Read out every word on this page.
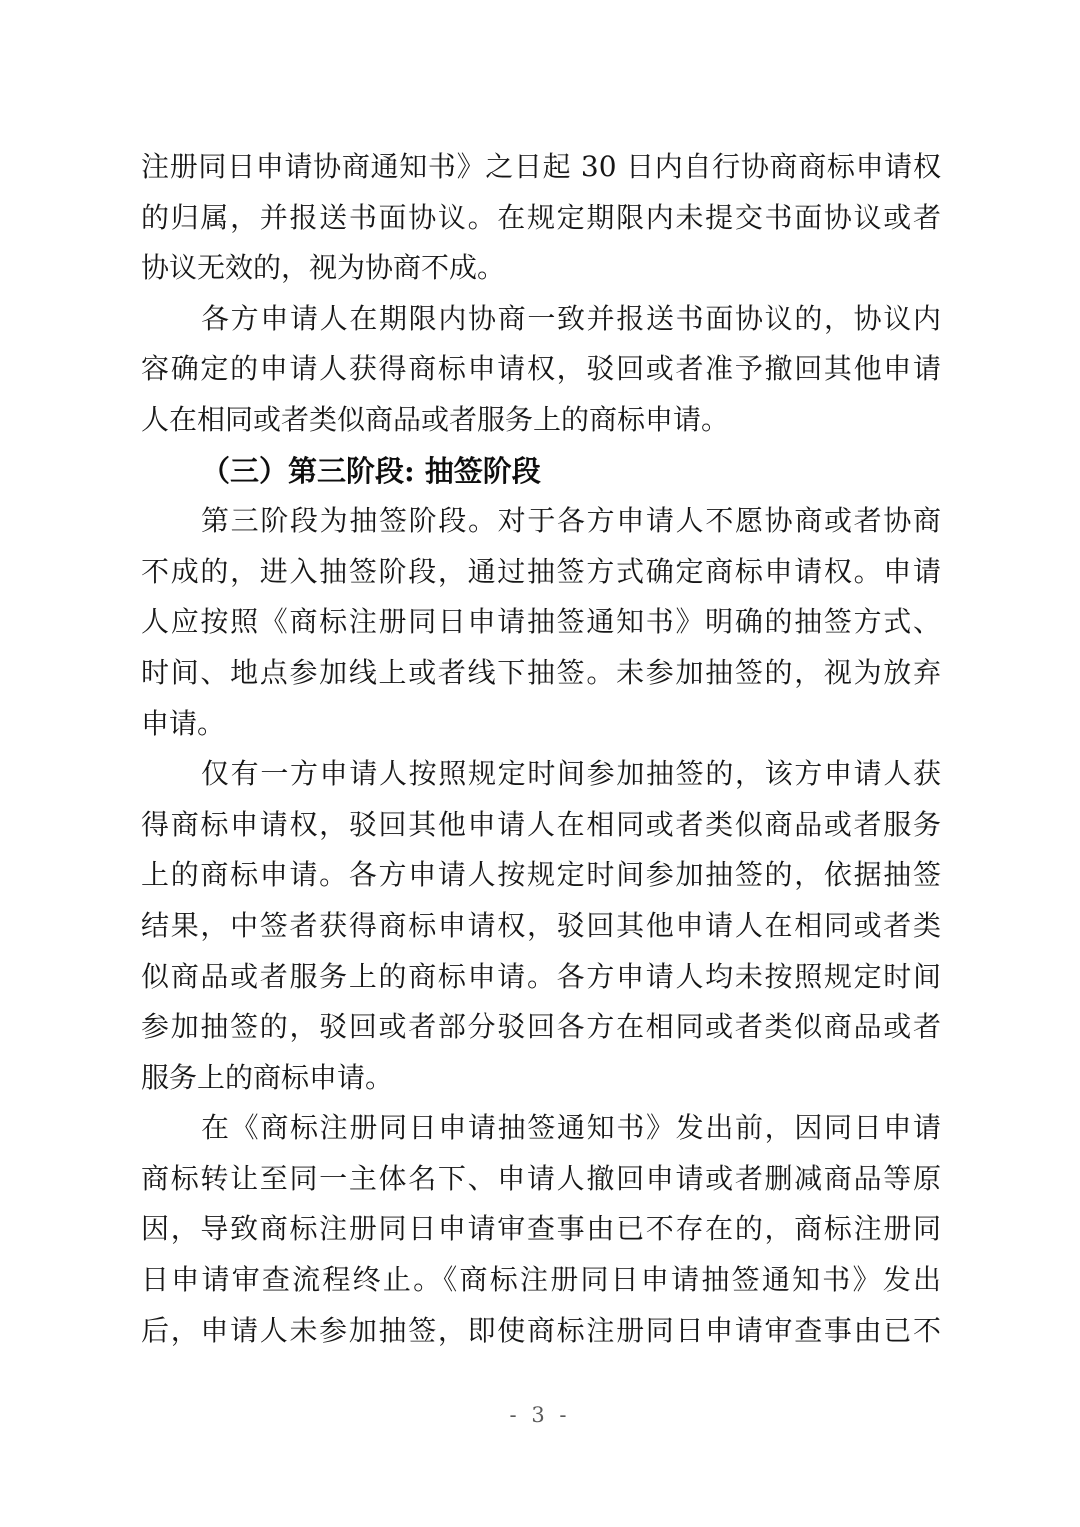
注册同日申请协商通知书》之日起 30 日内自行协商商标申请权
的归属，并报送书面协议。在规定期限内未提交书面协议或者
协议无效的，视为协商不成。
各方申请人在期限内协商一致并报送书面协议的，协议内
容确定的申请人获得商标申请权，驳回或者准予撤回其他申请
人在相同或者类似商品或者服务上的商标申请。
（三）第三阶段: 抽签阶段
第三阶段为抽签阶段。对于各方申请人不愿协商或者协商
不成的，进入抽签阶段，通过抽签方式确定商标申请权。申请
人应按照《商标注册同日申请抽签通知书》明确的抽签方式、
时间、地点参加线上或者线下抽签。未参加抽签的，视为放弃
申请。
仅有一方申请人按照规定时间参加抽签的，该方申请人获
得商标申请权，驳回其他申请人在相同或者类似商品或者服务
上的商标申请。各方申请人按规定时间参加抽签的，依据抽签
结果，中签者获得商标申请权，驳回其他申请人在相同或者类
似商品或者服务上的商标申请。各方申请人均未按照规定时间
参加抽签的，驳回或者部分驳回各方在相同或者类似商品或者
服务上的商标申请。
在《商标注册同日申请抽签通知书》发出前，因同日申请
商标转让至同一主体名下、申请人撤回申请或者删减商品等原
因，导致商标注册同日申请审查事由已不存在的，商标注册同
日申请审查流程终止。《商标注册同日申请抽签通知书》发出
后，申请人未参加抽签，即使商标注册同日申请审查事由已不
- 3 -
